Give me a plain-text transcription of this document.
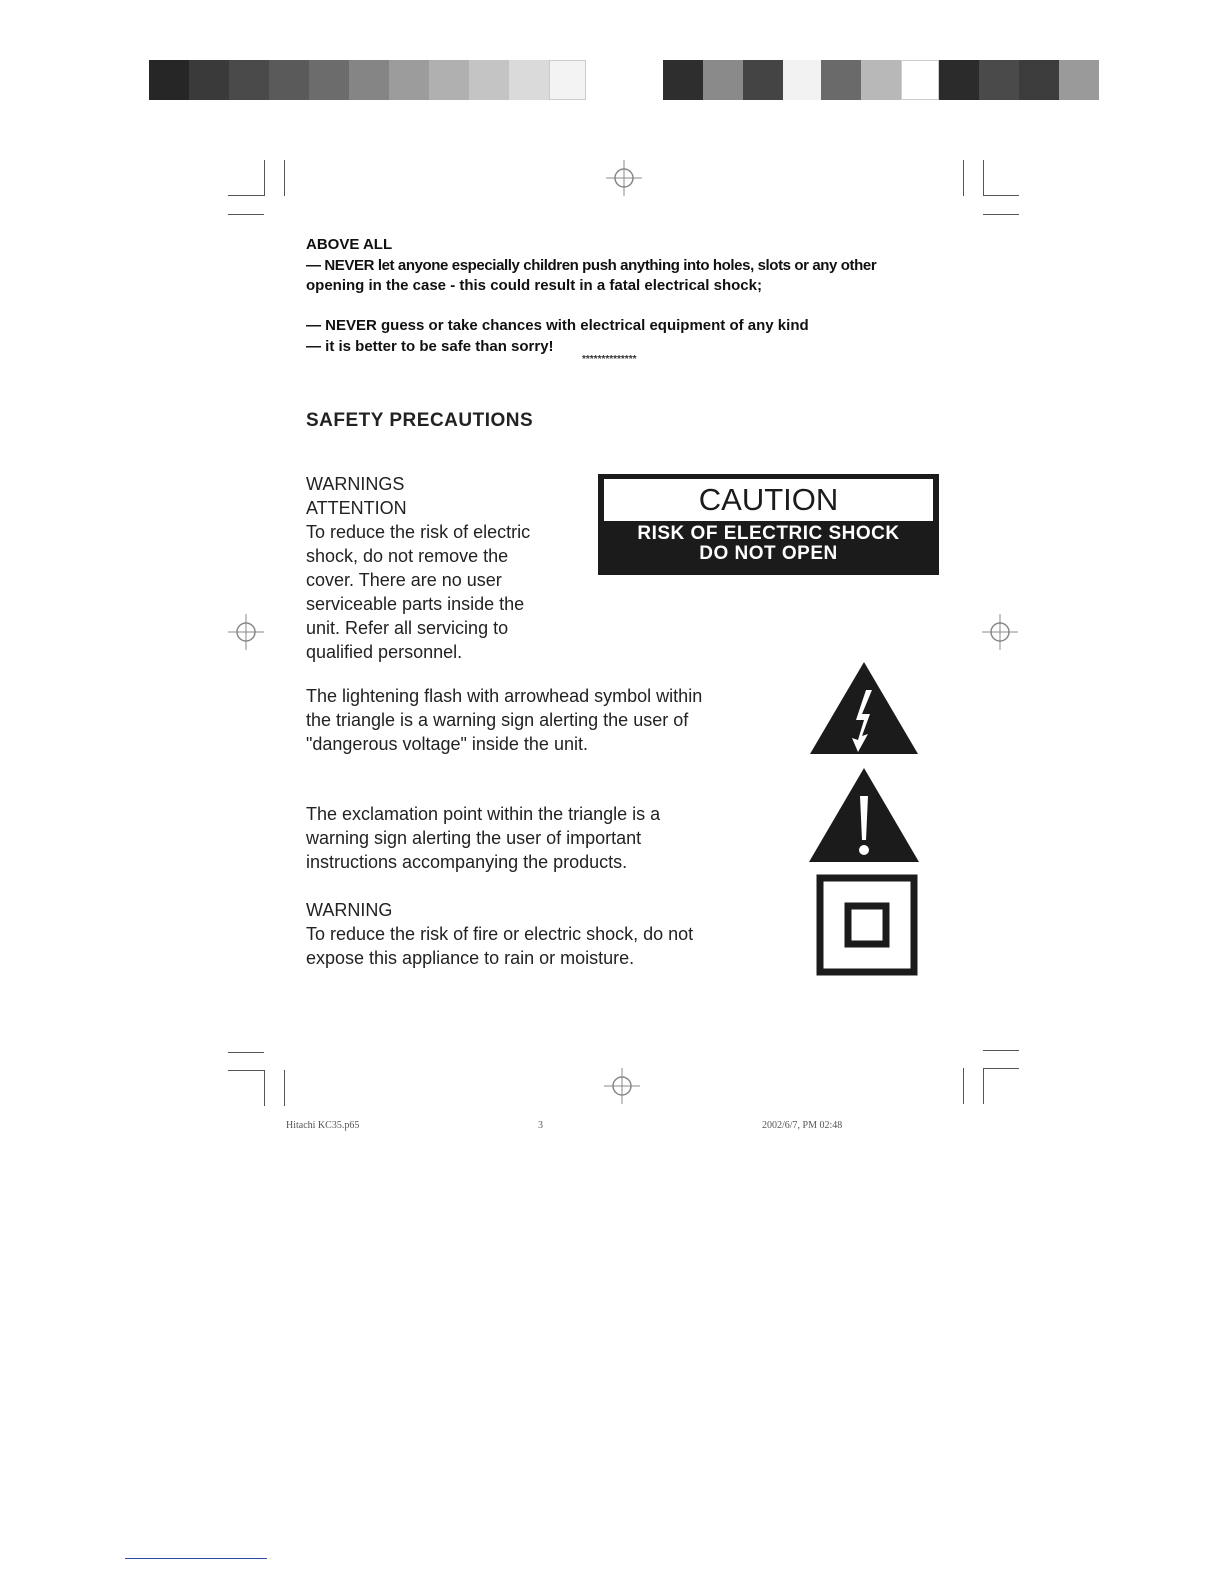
ABOVE ALL
— NEVER let anyone especially children push anything into holes, slots or any other
opening in the case - this could result in a fatal electrical shock;
— NEVER guess or take chances with electrical equipment of any kind
— it is better to be safe than sorry!
**************
SAFETY PRECAUTIONS
WARNINGS
ATTENTION
To reduce the risk of electric
shock, do not remove the
cover. There are no user
serviceable parts inside the
unit. Refer all servicing to
qualified personnel.
CAUTION
RISK OF ELECTRIC SHOCK
DO NOT OPEN
The lightening flash with arrowhead symbol within
the triangle is a warning sign alerting the user of
"dangerous voltage" inside the unit.
The exclamation point within the triangle is a
warning sign alerting the user of important
instructions accompanying the products.
WARNING
To reduce the risk of fire or electric shock, do not
expose this appliance to rain or moisture.
Hitachi KC35.p65	3	2002/6/7, PM 02:48
